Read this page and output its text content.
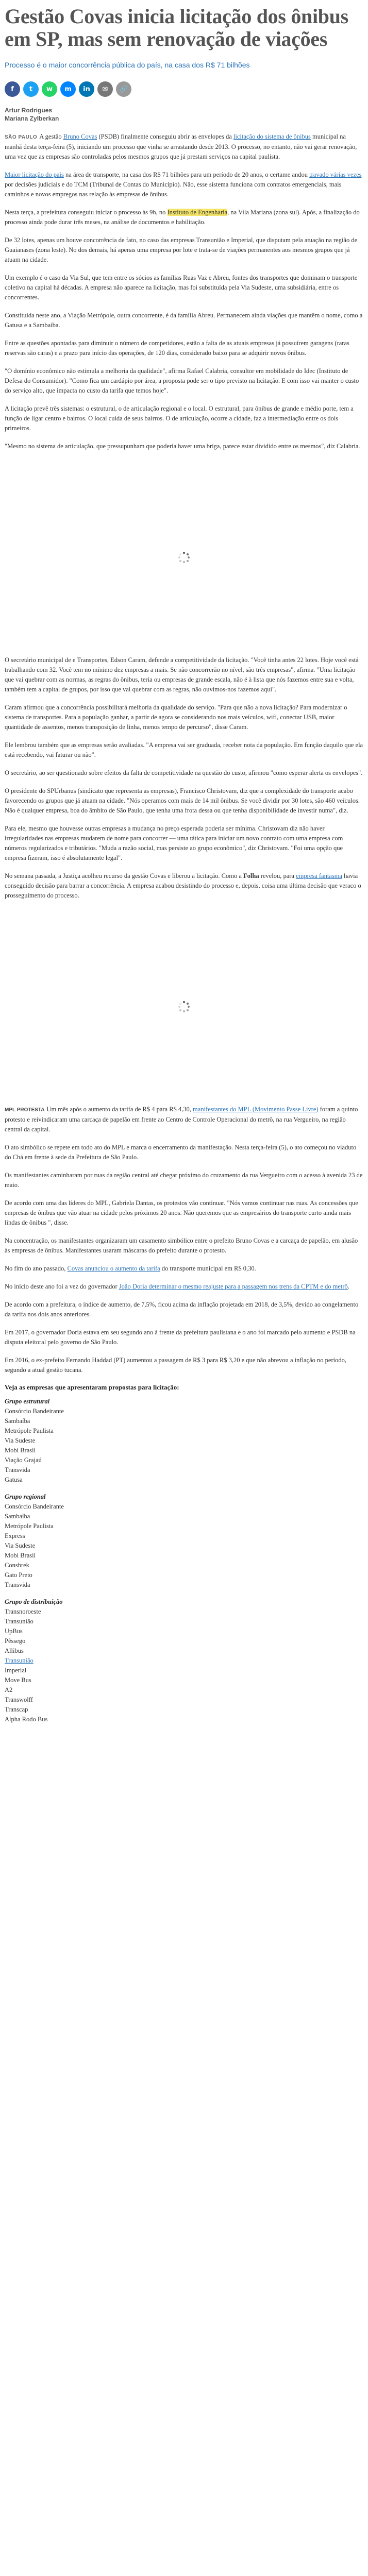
Gestão Covas inicia licitação dos ônibus em SP, mas sem renovação de viações
Processo é o maior concorrência pública do país, na casa dos R$ 71 bilhões
f	t	w	m	in	✉	🔗
Artur Rodrigues
Mariana Zylberkan

SÃO PAULO A gestão Bruno Covas (PSDB) finalmente conseguiu abrir as envelopes da licitação do sistema de ônibus municipal na manhã desta terça-feira (5), iniciando um processo que vinha se arrastando desde 2013. O processo, no entanto, não vai gerar renovação, uma vez que as empresas são controladas pelos mesmos grupos que já prestam serviços na capital paulista.

Maior licitação do país na área de transporte, na casa dos R$ 71 bilhões para um período de 20 anos, o certame andou travado várias vezes por decisões judiciais e do TCM (Tribunal de Contas do Município). Não, esse sistema funciona com contratos emergenciais, mais caminhos e novos empregos nas relação às empresas de ônibus.

Nesta terça, a prefeitura conseguiu iniciar o processo às 9h, no Instituto de Engenharia, na Vila Mariana (zona sul). Após, a finalização do processo ainda pode durar três meses, na análise de documentos e habilitação.

De 32 lotes, apenas um houve concorrência de fato, no caso das empresas Transunião e Imperial, que disputam pela atuação na região de Guaianases (zona leste). No dos demais, há apenas uma empresa por lote e trata-se de viações permanentes aos mesmos grupos que já atuam na cidade.

Um exemplo é o caso da Via Sul, que tem entre os sócios as famílias Ruas Vaz e Abreu, fontes dos transportes que dominam o transporte coletivo na capital há décadas. A empresa não aparece na licitação, mas foi substituída pela Via Sudeste, uma subsidiária, entre os concorrentes.

Constituída neste ano, a Viação Metrópole, outra concorrente, é da família Abreu. Permanecem ainda viações que mantêm o nome, como a Gatusa e a Sambaíba.

Entre as questões apontadas para diminuir o número de competidores, estão a falta de as atuais empresas já possuírem garagens (raras reservas são caras) e a prazo para início das operações, de 120 dias, considerado baixo para se adquirir novos ônibus.

"O domínio econômico não estimula a melhoria da qualidade", afirma Rafael Calabria, consultor em mobilidade do Idec (Instituto de Defesa do Consumidor). "Como fica um cardápio por área, a proposta pode ser o tipo previsto na licitação. E com isso vai manter o custo do serviço alto, que impacta no custo da tarifa que temos hoje".

A licitação prevê três sistemas: o estrutural, o de articulação regional e o local. O estrutural, para ônibus de grande e médio porte, tem a função de ligar centro e bairros. O local cuida de seus bairros. O de articulação, ocorre a cidade, faz a intermediação entre os dois primeiros.

"Mesmo no sistema de articulação, que pressupunham que poderia haver uma briga, parece estar dividido entre os mesmos", diz Calabria.

O secretário municipal de e Transportes, Edson Caram, defende a competitividade da licitação. "Você tinha antes 22 lotes. Hoje você está trabalhando com 32. Você tem no mínimo dez empresas a mais. Se não concorrerão no nível, são três empresas", afirma. "Uma licitação que vai quebrar com as normas, as regras do ônibus, teria ou empresas de grande escala, não é à lista que nós fazemos entre sua e volta, também tem a capital de grupos, por isso que vai quebrar com as regras, não ouvimos-nos fazemos aqui".

Caram afirmou que a concorrência possibilitará melhoria da qualidade do serviço. "Para que não a nova licitação? Para modernizar o sistema de transportes. Para a população ganhar, a partir de agora se considerando nos mais veículos, wifi, conectar USB, maior quantidade de assentos, menos transposição de linha, menos tempo de percurso", disse Caram.

Ele lembrou também que as empresas serão avaliadas. "A empresa vai ser graduada, receber nota da população. Em função daquilo que ela está recebendo, vai faturar ou não".

O secretário, ao ser questionado sobre efeitos da falta de competitividade na questão do custo, afirmou "como esperar alerta os envelopes".

O presidente do SPUrbanus (sindicato que representa as empresas), Francisco Christovam, diz que a complexidade do transporte acabo favorecendo os grupos que já atuam na cidade. "Nós operamos com mais de 14 mil ônibus. Se você dividir por 30 lotes, são 460 veículos. Não é qualquer empresa, boa do âmbito de São Paulo, que tenha uma frota dessa ou que tenha disponibilidade de investir numa", diz.

Para ele, mesmo que houvesse outras empresas a mudança no preço esperada poderia ser mínima. Christovam diz não haver irregularidades nas empresas mudarem de nome para concorrer — uma tática para iniciar um novo contrato com uma empresa com números regularizados e tributários. "Muda a razão social, mas persiste ao grupo econômico", diz Christovam. "Foi uma opção que empresa fizeram, isso é absolutamente legal".

No semana passada, a Justiça acolheu recurso da gestão Covas e liberou a licitação. Como a Folha revelou, para empresa fantasma havia conseguido decisão para barrar a concorrência. A empresa acabou desistindo do processo e, depois, coisa uma última decisão que veraco o prosseguimento do processo.

MPL PROTESTA Um mês após o aumento da tarifa de R$ 4 para R$ 4,30, manifestantes do MPL (Movimento Passe Livre) foram a quinto protesto e reivindicaram uma carcaça de papelão em frente ao Centro de Controle Operacional do metrô, na rua Vergueiro, na região central da capital.

O ato simbólico se repete em todo ato do MPL e marca o encerramento da manifestação. Nesta terça-feira (5), o ato começou no viaduto do Chá em frente à sede da Prefeitura de São Paulo.

Os manifestantes caminharam por ruas da região central até chegar próximo do cruzamento da rua Vergueiro com o acesso à avenida 23 de maio.

De acordo com uma das líderes do MPL, Gabriela Dantas, os protestos vão continuar. "Nós vamos continuar nas ruas. As concessões que empresas de ônibus que vão atuar na cidade pelos próximos 20 anos. Não queremos que as empresários do transporte curto ainda mais lindas de ônibus ", disse.

Na concentração, os manifestantes organizaram um casamento simbólico entre o prefeito Bruno Covas e a carcaça de papelão, em alusão às empresas de ônibus. Manifestantes usaram máscaras do prefeito durante o protesto.

No fim do ano passado, Covas anunciou o aumento da tarifa do transporte municipal em R$ 0,30.

No início deste ano foi a vez do governador João Doria determinar o mesmo reajuste para a passagem nos trens da CPTM e do metrô.

De acordo com a prefeitura, o índice de aumento, de 7,5%, ficou acima da inflação projetada em 2018, de 3,5%, devido ao congelamento da tarifa nos dois anos anteriores.

Em 2017, o governador Doria estava em seu segundo ano à frente da prefeitura paulistana e o ano foi marcado pelo aumento e PSDB na disputa eleitoral pelo governo de São Paulo.

Em 2016, o ex-prefeito Fernando Haddad (PT) aumentou a passagem de R$ 3 para R$ 3,20 e que não abrevou a inflação no período, segundo a atual gestão tucana.

Veja as empresas que apresentaram propostas para licitação:
Grupo estrutural
Consórcio Bandeirante
Sambaíba
Metrópole Paulista
Via Sudeste
Mobi Brasil
Viação Grajaú
Transvida
Gatusa
Grupo regional
Consórcio Bandeirante
Sambaíba
Metrópole Paulista
Express
Via Sudeste
Mobi Brasil
Consbrek
Gato Preto
Transvida
Grupo de distribuição
Transnoroeste
Transunião
UpBus
Pêssego
Allibus
Transunião
Imperial
Move Bus
A2
Transwolff
Transcap
Alpha Rodo Bus
